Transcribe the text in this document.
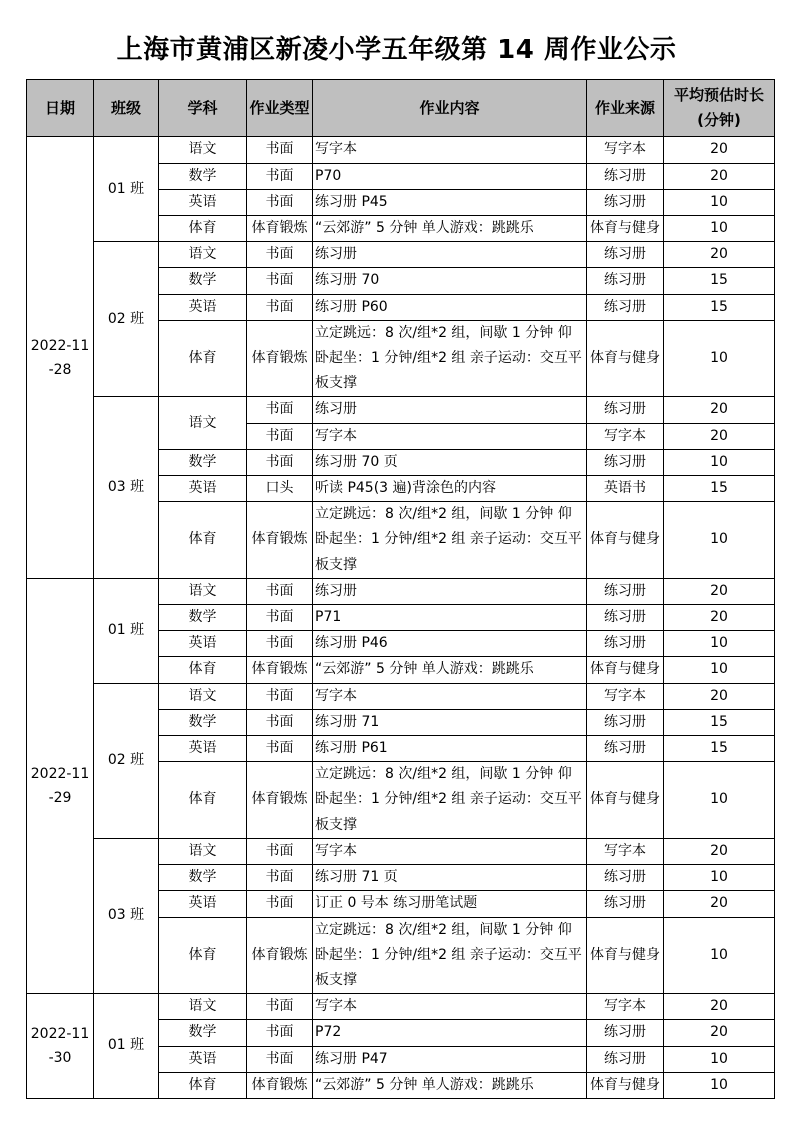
上海市黄浦区新凌小学五年级第 14 周作业公示
日期	班级	学科	作业类型	作业内容	作业来源	平均预估时长(分钟)
2022-11-28	01 班	语文	书面	写字本	写字本	20
		数学	书面	P70	练习册	20
		英语	书面	练习册 P45	练习册	10
		体育	体育锻炼	“云郊游” 5 分钟 单人游戏：跳跳乐	体育与健身	10
	02 班	语文	书面	练习册	练习册	20
		数学	书面	练习册 70	练习册	15
		英语	书面	练习册 P60	练习册	15
		体育	体育锻炼	立定跳远：8 次/组*2 组，间歇 1 分钟 仰卧起坐：1 分钟/组*2 组 亲子运动：交互平板支撑	体育与健身	10

	03 班	语文	书面	练习册	练习册	20
			书面	写字本	写字本	20
		数学	书面	练习册 70 页	练习册	10
		英语	口头	听读 P45(3 遍)背涂色的内容	英语书	15
		体育	体育锻炼	立定跳远：8 次/组*2 组，间歇 1 分钟 仰卧起坐：1 分钟/组*2 组 亲子运动：交互平板支撑	体育与健身	10

2022-11-29	01 班	语文	书面	练习册	练习册	20
		数学	书面	P71	练习册	20
		英语	书面	练习册 P46	练习册	10
		体育	体育锻炼	“云郊游” 5 分钟 单人游戏：跳跳乐	体育与健身	10
	02 班	语文	书面	写字本	写字本	20
		数学	书面	练习册 71	练习册	15
		英语	书面	练习册 P61	练习册	15
		体育	体育锻炼	立定跳远：8 次/组*2 组，间歇 1 分钟 仰卧起坐：1 分钟/组*2 组 亲子运动：交互平板支撑	体育与健身	10

	03 班	语文	书面	写字本	写字本	20
		数学	书面	练习册 71 页	练习册	10
		英语	书面	订正 0 号本 练习册笔试题	练习册	20
		体育	体育锻炼	立定跳远：8 次/组*2 组，间歇 1 分钟 仰卧起坐：1 分钟/组*2 组 亲子运动：交互平板支撑	体育与健身	10

2022-11-30	01 班	语文	书面	写字本	写字本	20
		数学	书面	P72	练习册	20
		英语	书面	练习册 P47	练习册	10
		体育	体育锻炼	“云郊游” 5 分钟 单人游戏：跳跳乐	体育与健身	10
